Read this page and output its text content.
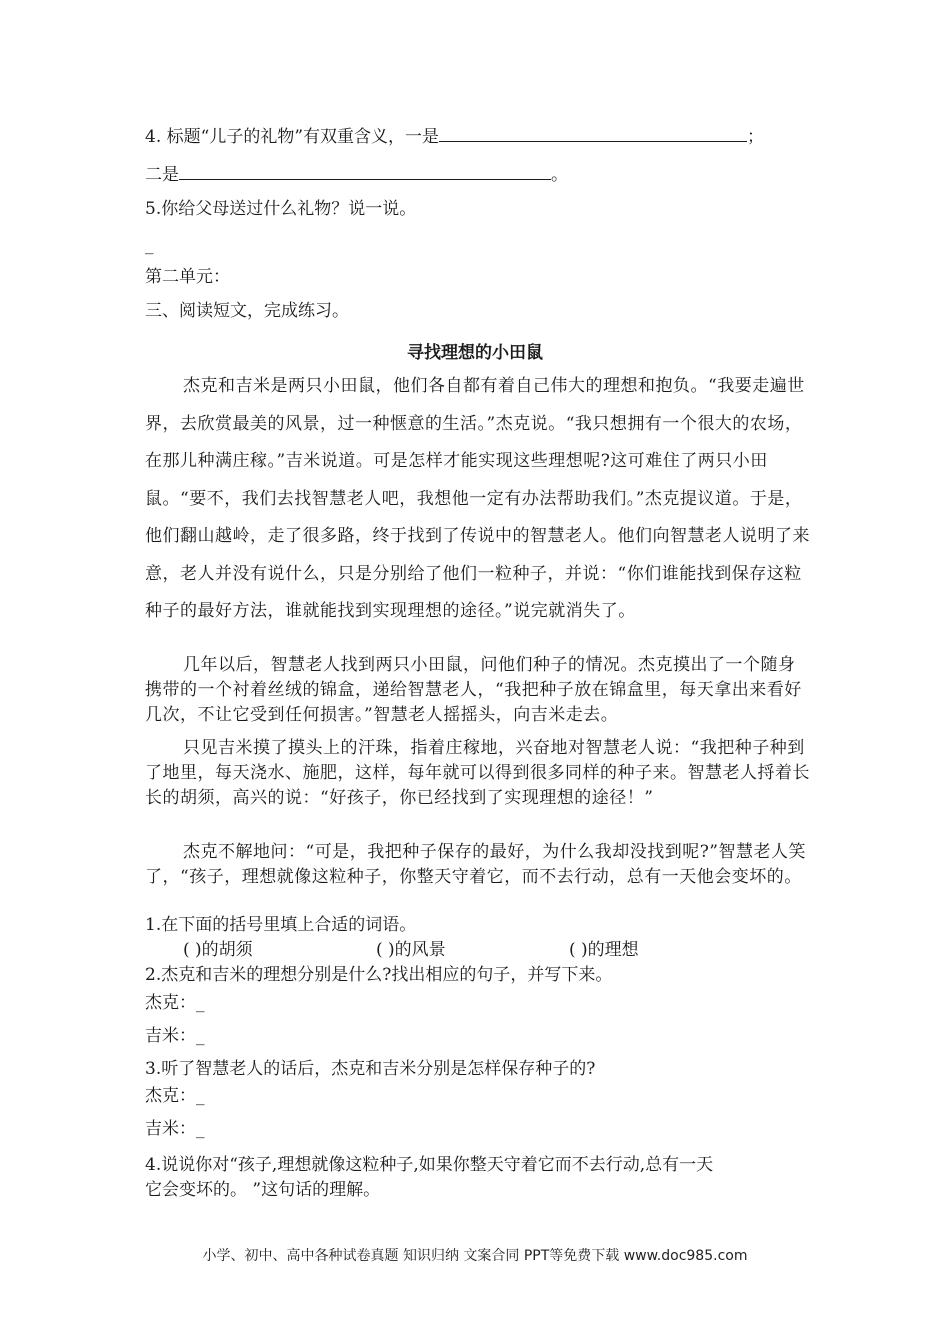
4. 标题“儿子的礼物”有双重含义，一是	；
二是	。
5.你给父母送过什么礼物？说一说。
_
第二单元：
三、阅读短文，完成练习。
寻找理想的小田鼠
杰克和吉米是两只小田鼠，他们各自都有着自己伟大的理想和抱负。“我要走遍世界，去欣赏最美的风景，过一种惬意的生活。”杰克说。“我只想拥有一个很大的农场，在那儿种满庄稼。”吉米说道。可是怎样才能实现这些理想呢?这可难住了两只小田鼠。“要不，我们去找智慧老人吧，我想他一定有办法帮助我们。”杰克提议道。于是，他们翻山越岭，走了很多路，终于找到了传说中的智慧老人。他们向智慧老人说明了来意，老人并没有说什么，只是分别给了他们一粒种子，并说：“你们谁能找到保存这粒种子的最好方法，谁就能找到实现理想的途径。”说完就消失了。
几年以后，智慧老人找到两只小田鼠，问他们种子的情况。杰克摸出了一个随身携带的一个衬着丝绒的锦盒，递给智慧老人，“我把种子放在锦盒里，每天拿出来看好几次，不让它受到任何损害。”智慧老人摇摇头，向吉米走去。
只见吉米摸了摸头上的汗珠，指着庄稼地，兴奋地对智慧老人说：“我把种子种到了地里，每天浇水、施肥，这样，每年就可以得到很多同样的种子来。智慧老人捋着长长的胡须，高兴的说：“好孩子，你已经找到了实现理想的途径！”
杰克不解地问：“可是，我把种子保存的最好，为什么我却没找到呢?”智慧老人笑了，“孩子，理想就像这粒种子，你整天守着它，而不去行动，总有一天他会变坏的。
1.在下面的括号里填上合适的词语。
( )的胡须	( )的风景	( )的理想
2.杰克和吉米的理想分别是什么?找出相应的句子，并写下来。
杰克：_
吉米：_
3.听了智慧老人的话后，杰克和吉米分别是怎样保存种子的?
杰克：_
吉米：_
4.说说你对“孩子,理想就像这粒种子,如果你整天守着它而不去行动,总有一天
它会变坏的。 ”这句话的理解。
小学、初中、高中各种试卷真题 知识归纳 文案合同 PPT等免费下载 www.doc985.com
